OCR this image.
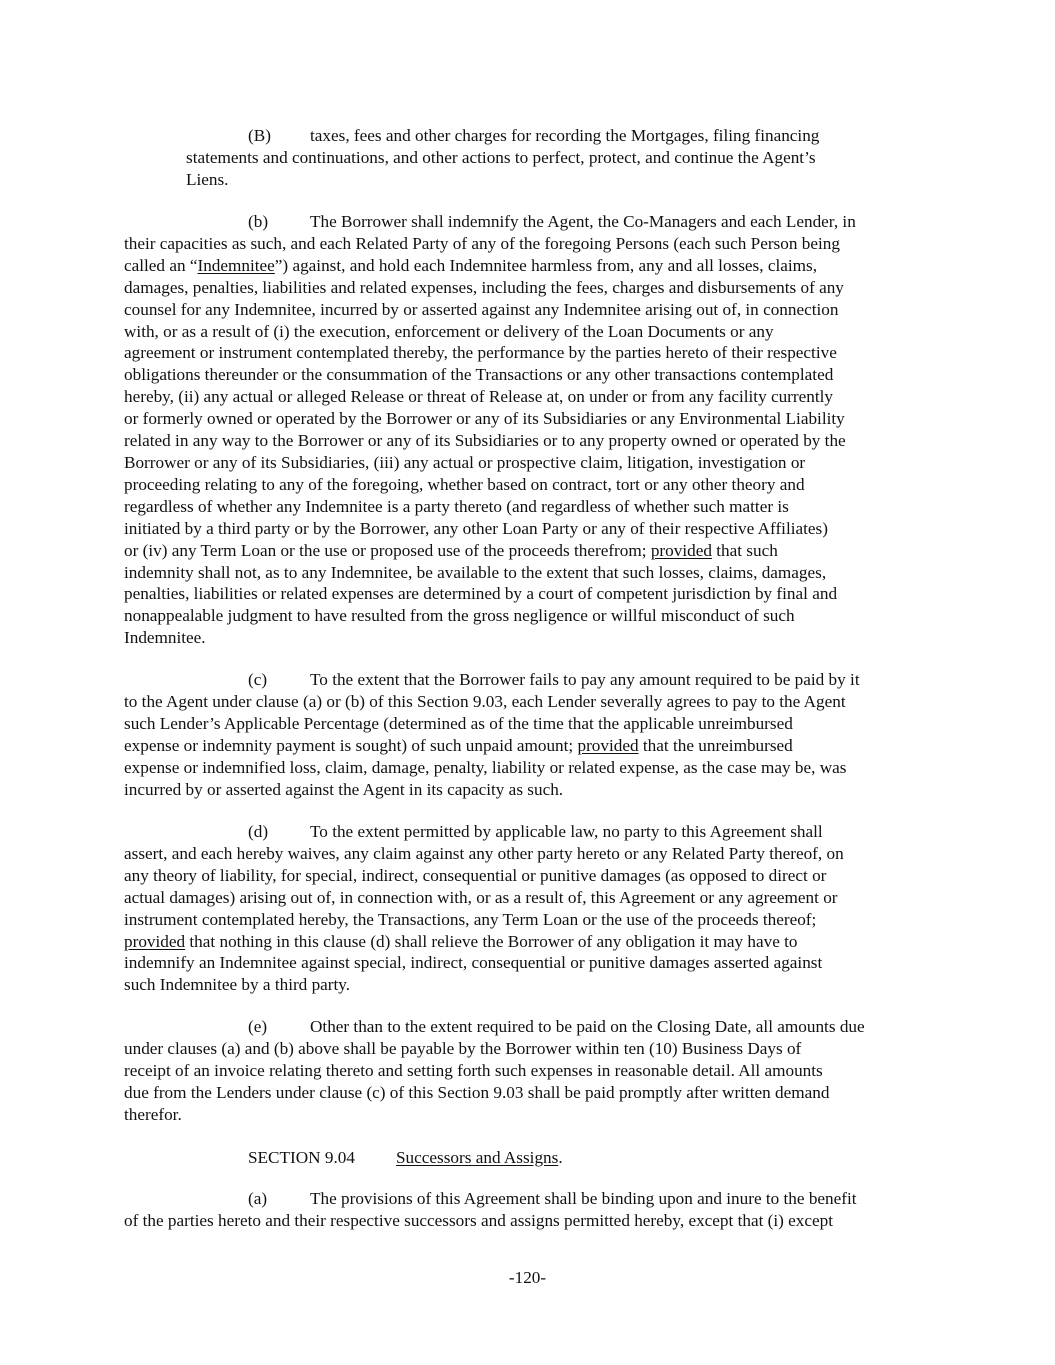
(B) taxes, fees and other charges for recording the Mortgages, filing financing
statements and continuations, and other actions to perfect, protect, and continue the Agent’s
Liens.
(b) The Borrower shall indemnify the Agent, the Co-Managers and each Lender, in
their capacities as such, and each Related Party of any of the foregoing Persons (each such Person being
called an “Indemnitee”) against, and hold each Indemnitee harmless from, any and all losses, claims,
damages, penalties, liabilities and related expenses, including the fees, charges and disbursements of any
counsel for any Indemnitee, incurred by or asserted against any Indemnitee arising out of, in connection
with, or as a result of (i) the execution, enforcement or delivery of the Loan Documents or any
agreement or instrument contemplated thereby, the performance by the parties hereto of their respective
obligations thereunder or the consummation of the Transactions or any other transactions contemplated
hereby, (ii) any actual or alleged Release or threat of Release at, on under or from any facility currently
or formerly owned or operated by the Borrower or any of its Subsidiaries or any Environmental Liability
related in any way to the Borrower or any of its Subsidiaries or to any property owned or operated by the
Borrower or any of its Subsidiaries, (iii) any actual or prospective claim, litigation, investigation or
proceeding relating to any of the foregoing, whether based on contract, tort or any other theory and
regardless of whether any Indemnitee is a party thereto (and regardless of whether such matter is
initiated by a third party or by the Borrower, any other Loan Party or any of their respective Affiliates)
or (iv) any Term Loan or the use or proposed use of the proceeds therefrom; provided that such
indemnity shall not, as to any Indemnitee, be available to the extent that such losses, claims, damages,
penalties, liabilities or related expenses are determined by a court of competent jurisdiction by final and
nonappealable judgment to have resulted from the gross negligence or willful misconduct of such
Indemnitee.
(c) To the extent that the Borrower fails to pay any amount required to be paid by it
to the Agent under clause (a) or (b) of this Section 9.03, each Lender severally agrees to pay to the Agent
such Lender’s Applicable Percentage (determined as of the time that the applicable unreimbursed
expense or indemnity payment is sought) of such unpaid amount; provided that the unreimbursed
expense or indemnified loss, claim, damage, penalty, liability or related expense, as the case may be, was
incurred by or asserted against the Agent in its capacity as such.
(d) To the extent permitted by applicable law, no party to this Agreement shall
assert, and each hereby waives, any claim against any other party hereto or any Related Party thereof, on
any theory of liability, for special, indirect, consequential or punitive damages (as opposed to direct or
actual damages) arising out of, in connection with, or as a result of, this Agreement or any agreement or
instrument contemplated hereby, the Transactions, any Term Loan or the use of the proceeds thereof;
provided that nothing in this clause (d) shall relieve the Borrower of any obligation it may have to
indemnify an Indemnitee against special, indirect, consequential or punitive damages asserted against
such Indemnitee by a third party.
(e) Other than to the extent required to be paid on the Closing Date, all amounts due
under clauses (a) and (b) above shall be payable by the Borrower within ten (10) Business Days of
receipt of an invoice relating thereto and setting forth such expenses in reasonable detail. All amounts
due from the Lenders under clause (c) of this Section 9.03 shall be paid promptly after written demand
therefor.
SECTION 9.04 Successors and Assigns.
(a) The provisions of this Agreement shall be binding upon and inure to the benefit
of the parties hereto and their respective successors and assigns permitted hereby, except that (i) except
-120-
